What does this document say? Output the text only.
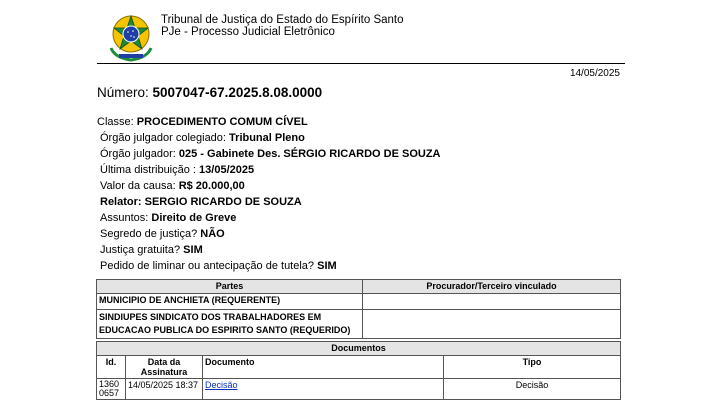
Tribunal de Justiça do Estado do Espírito Santo
PJe - Processo Judicial Eletrônico
14/05/2025
Número: 5007047-67.2025.8.08.0000
Classe: PROCEDIMENTO COMUM CÍVEL
Órgão julgador colegiado: Tribunal Pleno
Órgão julgador: 025 - Gabinete Des. SÉRGIO RICARDO DE SOUZA
Última distribuição : 13/05/2025
Valor da causa: R$ 20.000,00
Relator: SERGIO RICARDO DE SOUZA
Assuntos: Direito de Greve
Segredo de justiça? NÃO
Justiça gratuita? SIM
Pedido de liminar ou antecipação de tutela? SIM
Partes	Procurador/Terceiro vinculado
MUNICIPIO DE ANCHIETA (REQUERENTE)	
SINDIUPES SINDICATO DOS TRABALHADORES EM EDUCACAO PUBLICA DO ESPIRITO SANTO (REQUERIDO)	
Documentos			
Id.	Data da Assinatura	Documento	Tipo
13600657	14/05/2025 18:37	Decisão	Decisão
